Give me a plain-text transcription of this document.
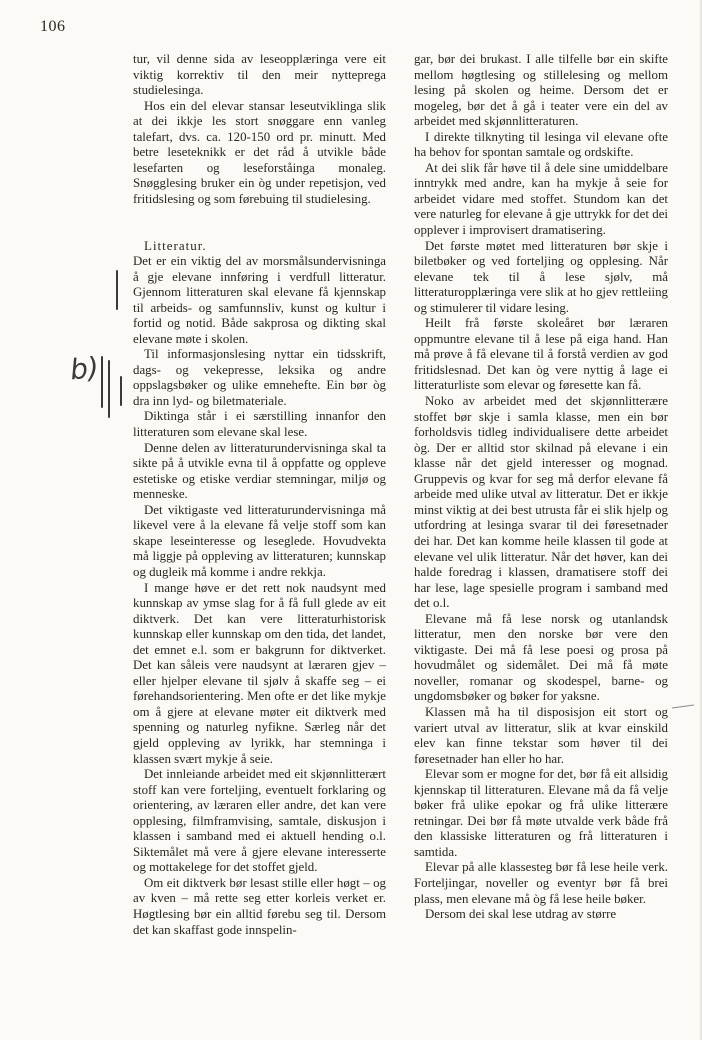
106
b)

tur, vil denne sida av leseopplæringa vere eit viktig korrektiv til den meir nytteprega studielesinga.

Hos ein del elevar stansar leseutviklinga slik at dei ikkje les stort snøggare enn vanleg talefart, dvs. ca. 120-150 ord pr. minutt. Med betre leseteknikk er det råd å utvikle både lesefarten og leseforståinga monaleg. Snøgglesing bruker ein òg under repetisjon, ved fritidslesing og som førebuing til studielesing.

Litteratur.

Det er ein viktig del av morsmålsundervisninga å gje elevane innføring i verdfull litteratur. Gjennom litteraturen skal elevane få kjennskap til arbeids- og samfunnsliv, kunst og kultur i fortid og notid. Både sakprosa og dikting skal elevane møte i skolen.

Til informasjonslesing nyttar ein tidsskrift, dags- og vekepresse, leksika og andre oppslagsbøker og ulike emnehefte. Ein bør òg dra inn lyd- og biletmateriale.

Diktinga står i ei særstilling innanfor den litteraturen som elevane skal lese.

Denne delen av litteraturundervisninga skal ta sikte på å utvikle evna til å oppfatte og oppleve estetiske og etiske verdiar stemningar, miljø og menneske.

Det viktigaste ved litteraturundervisninga må likevel vere å la elevane få velje stoff som kan skape leseinteresse og leseglede. Hovudvekta må liggje på oppleving av litteraturen; kunnskap og dugleik må komme i andre rekkja.

I mange høve er det rett nok naudsynt med kunnskap av ymse slag for å få full glede av eit diktverk. Det kan vere litteraturhistorisk kunnskap eller kunnskap om den tida, det landet, det emnet e.l. som er bakgrunn for diktverket. Det kan såleis vere naudsynt at læraren gjev – eller hjelper elevane til sjølv å skaffe seg – ei førehandsorientering. Men ofte er det like mykje om å gjere at elevane møter eit diktverk med spenning og naturleg nyfikne. Særleg når det gjeld oppleving av lyrikk, har stemninga i klassen svært mykje å seie.

Det innleiande arbeidet med eit skjønnlitterært stoff kan vere forteljing, eventuelt forklaring og orientering, av læraren eller andre, det kan vere opplesing, filmframvising, samtale, diskusjon i klassen i samband med ei aktuell hending o.l. Siktemålet må vere å gjere elevane interesserte og mottakelege for det stoffet gjeld.

Om eit diktverk bør lesast stille eller høgt – og av kven – må rette seg etter korleis verket er. Høgtlesing bør ein alltid førebu seg til. Dersom det kan skaffast gode innspelin-

gar, bør dei brukast. I alle tilfelle bør ein skifte mellom høgtlesing og stillelesing og mellom lesing på skolen og heime. Dersom det er mogeleg, bør det å gå i teater vere ein del av arbeidet med skjønnlitteraturen.

I direkte tilknyting til lesinga vil elevane ofte ha behov for spontan samtale og ordskifte.

At dei slik får høve til å dele sine umiddelbare inntrykk med andre, kan ha mykje å seie for arbeidet vidare med stoffet. Stundom kan det vere naturleg for elevane å gje uttrykk for det dei opplever i improvisert dramatisering.

Det første møtet med litteraturen bør skje i biletbøker og ved forteljing og opplesing. Når elevane tek til å lese sjølv, må litteraturopplæringa vere slik at ho gjev rettleiing og stimulerer til vidare lesing.

Heilt frå første skoleåret bør læraren oppmuntre elevane til å lese på eiga hand. Han må prøve å få elevane til å forstå verdien av god fritidslesnad. Det kan òg vere nyttig å lage ei litteraturliste som elevar og føresette kan få.

Noko av arbeidet med det skjønnlitterære stoffet bør skje i samla klasse, men ein bør forholdsvis tidleg individualisere dette arbeidet òg. Der er alltid stor skilnad på elevane i ein klasse når det gjeld interesser og mognad. Gruppevis og kvar for seg må derfor elevane få arbeide med ulike utval av litteratur. Det er ikkje minst viktig at dei best utrusta får ei slik hjelp og utfordring at lesinga svarar til dei føresetnader dei har. Det kan komme heile klassen til gode at elevane vel ulik litteratur. Når det høver, kan dei halde foredrag i klassen, dramatisere stoff dei har lese, lage spesielle program i samband med det o.l.

Elevane må få lese norsk og utanlandsk litteratur, men den norske bør vere den viktigaste. Dei må få lese poesi og prosa på hovudmålet og sidemålet. Dei må få møte noveller, romanar og skodespel, barne- og ungdomsbøker og bøker for yaksne.

Klassen må ha til disposisjon eit stort og variert utval av litteratur, slik at kvar einskild elev kan finne tekstar som høver til dei føresetnader han eller ho har.

Elevar som er mogne for det, bør få eit allsidig kjennskap til litteraturen. Elevane må da få velje bøker frå ulike epokar og frå ulike litterære retningar. Dei bør få møte utvalde verk både frå den klassiske litteraturen og frå litteraturen i samtida.

Elevar på alle klassesteg bør få lese heile verk. Forteljingar, noveller og eventyr bør få brei plass, men elevane må òg få lese heile bøker.

Dersom dei skal lese utdrag av større
